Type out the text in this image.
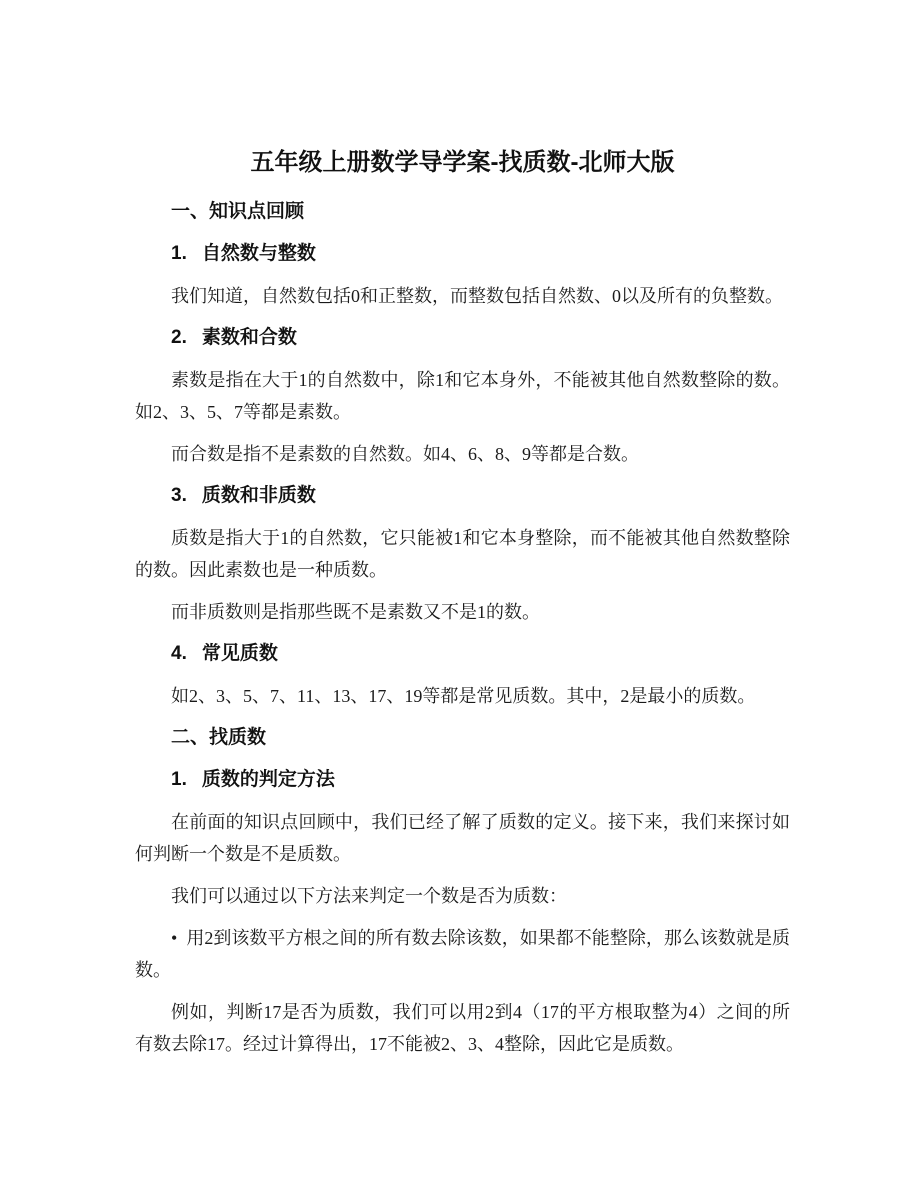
五年级上册数学导学案-找质数-北师大版
一、知识点回顾
1. 自然数与整数
我们知道，自然数包括0和正整数，而整数包括自然数、0以及所有的负整数。
2. 素数和合数
素数是指在大于1的自然数中，除1和它本身外，不能被其他自然数整除的数。如2、3、5、7等都是素数。
而合数是指不是素数的自然数。如4、6、8、9等都是合数。
3. 质数和非质数
质数是指大于1的自然数，它只能被1和它本身整除，而不能被其他自然数整除的数。因此素数也是一种质数。
而非质数则是指那些既不是素数又不是1的数。
4. 常见质数
如2、3、5、7、11、13、17、19等都是常见质数。其中，2是最小的质数。
二、找质数
1. 质数的判定方法
在前面的知识点回顾中，我们已经了解了质数的定义。接下来，我们来探讨如何判断一个数是不是质数。
我们可以通过以下方法来判定一个数是否为质数：
• 用2到该数平方根之间的所有数去除该数，如果都不能整除，那么该数就是质数。
例如，判断17是否为质数，我们可以用2到4（17的平方根取整为4）之间的所有数去除17。经过计算得出，17不能被2、3、4整除，因此它是质数。
